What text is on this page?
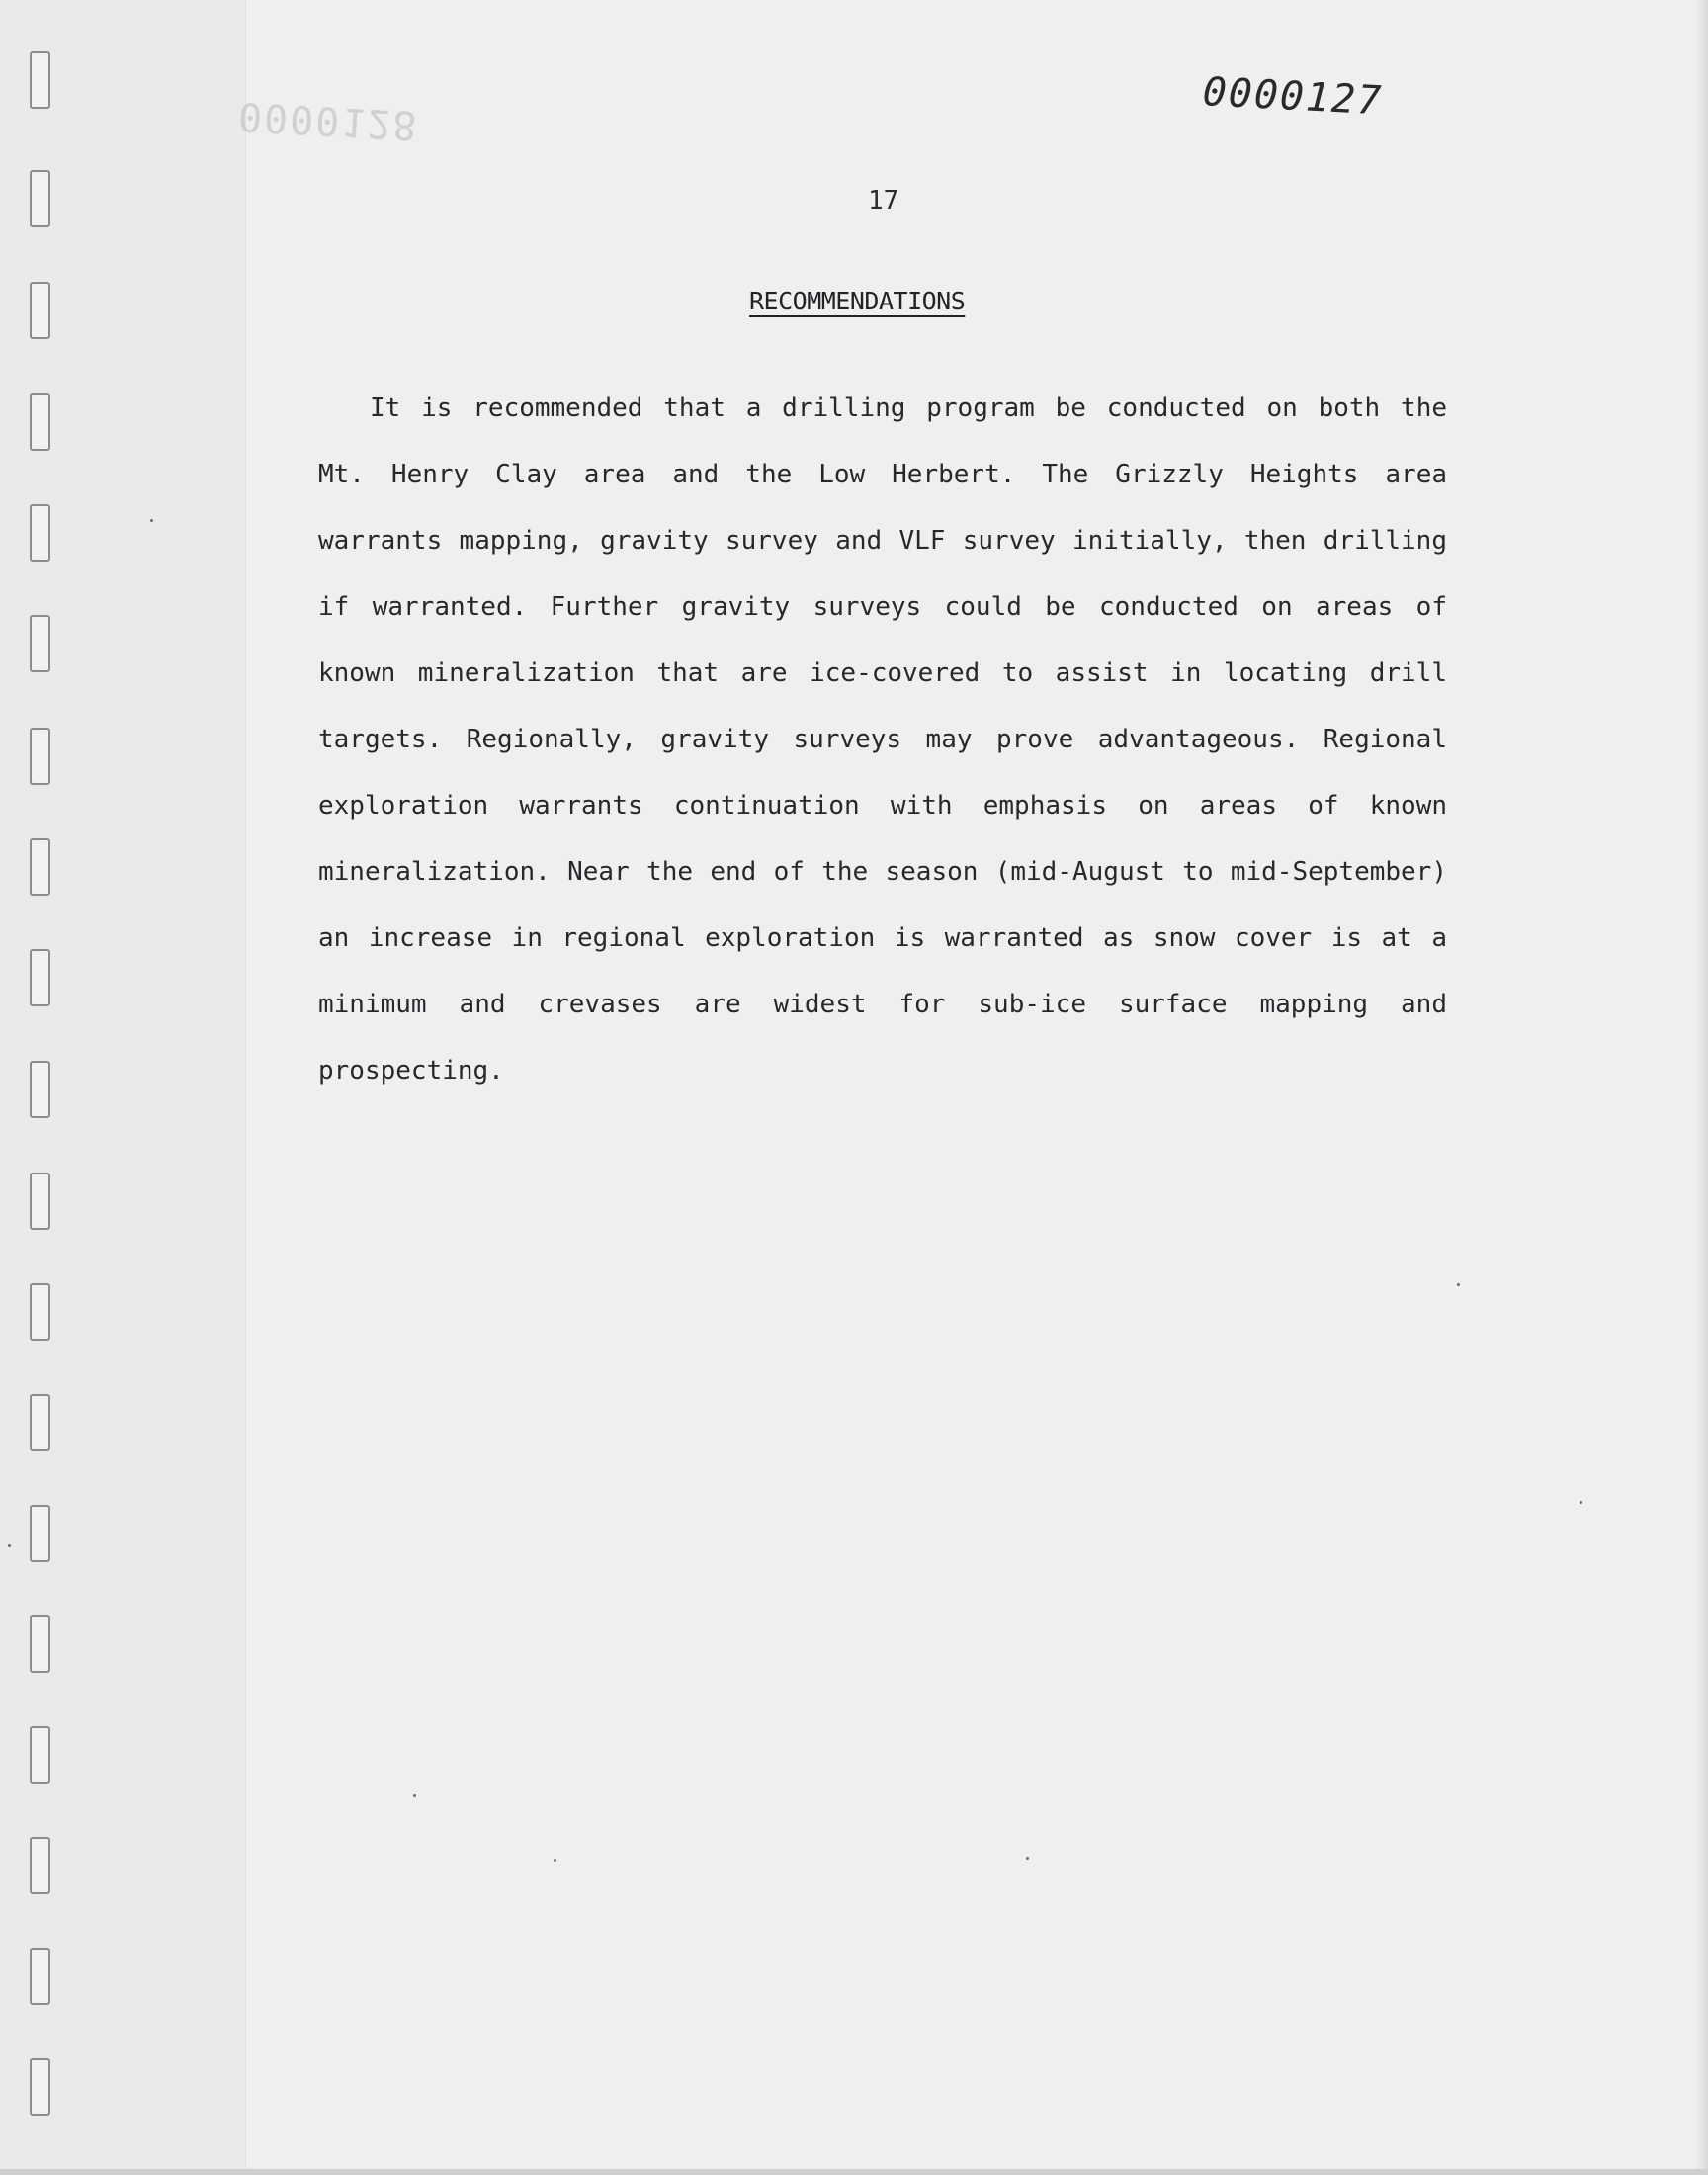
0000128	0000127
17
RECOMMENDATIONS

It is recommended that a drilling program be conducted on both the Mt. Henry Clay area and the Low Herbert. The Grizzly Heights area warrants mapping, gravity survey and VLF survey initially, then drilling if warranted. Further gravity surveys could be conducted on areas of known mineralization that are ice-covered to assist in locating drill targets. Regionally, gravity surveys may prove advantageous. Regional exploration warrants continuation with emphasis on areas of known mineralization. Near the end of the season (mid-August to mid-September) an increase in regional exploration is warranted as snow cover is at a minimum and crevases are widest for sub-ice surface mapping and prospecting.
